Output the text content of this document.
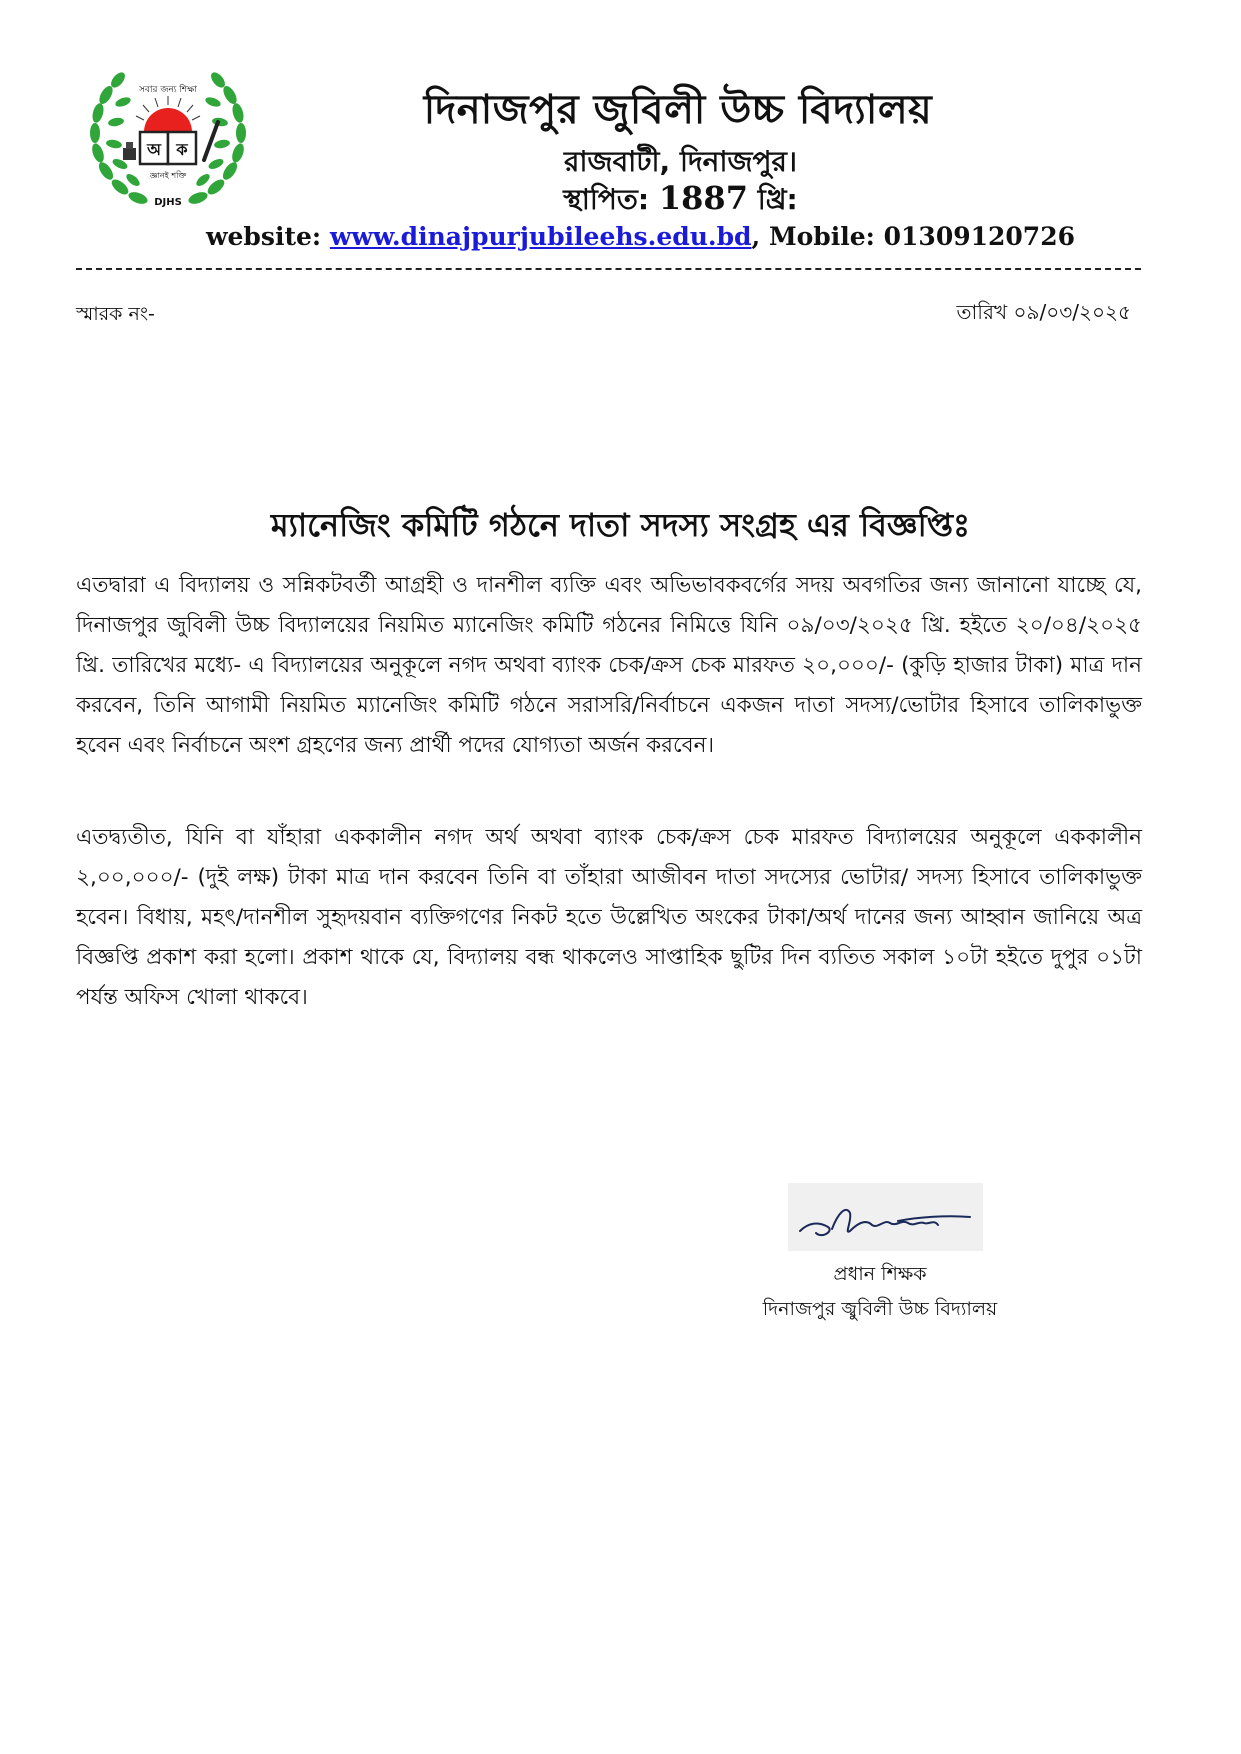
সবার জন্য শিক্ষা
অ ক
জ্ঞানই শক্তি
DJHS
দিনাজপুর জুবিলী উচ্চ বিদ্যালয়
রাজবাটী, দিনাজপুর।
স্থাপিত: 1887 খ্রি:
website: www.dinajpurjubileehs.edu.bd, Mobile: 01309120726
স্মারক নং-	তারিখ ০৯/০৩/২০২৫
ম্যানেজিং কমিটি গঠনে দাতা সদস্য সংগ্রহ এর বিজ্ঞপ্তিঃ

এতদ্বারা এ বিদ্যালয় ও সন্নিকটবর্তী আগ্রহী ও দানশীল ব্যক্তি এবং অভিভাবকবর্গের সদয় অবগতির জন্য জানানো যাচ্ছে যে, দিনাজপুর জুবিলী উচ্চ বিদ্যালয়ের নিয়মিত ম্যানেজিং কমিটি গঠনের নিমিত্তে যিনি ০৯/০৩/২০২৫ খ্রি. হইতে ২০/০৪/২০২৫ খ্রি. তারিখের মধ্যে- এ বিদ্যালয়ের অনুকূলে নগদ অথবা ব্যাংক চেক/ক্রস চেক মারফত ২০,০০০/- (কুড়ি হাজার টাকা) মাত্র দান করবেন, তিনি আগামী নিয়মিত ম্যানেজিং কমিটি গঠনে সরাসরি/নির্বাচনে একজন দাতা সদস্য/ভোটার হিসাবে তালিকাভুক্ত হবেন এবং নির্বাচনে অংশ গ্রহণের জন্য প্রার্থী পদের যোগ্যতা অর্জন করবেন।

এতদ্ব্যতীত, যিনি বা যাঁহারা এককালীন নগদ অর্থ অথবা ব্যাংক চেক/ক্রস চেক মারফত বিদ্যালয়ের অনুকূলে এককালীন ২,০০,০০০/- (দুই লক্ষ) টাকা মাত্র দান করবেন তিনি বা তাঁহারা আজীবন দাতা সদস্যের ভোটার/ সদস্য হিসাবে তালিকাভুক্ত হবেন। বিধায়, মহৎ/দানশীল সুহৃদয়বান ব্যক্তিগণের নিকট হতে উল্লেখিত অংকের টাকা/অর্থ দানের জন্য আহ্বান জানিয়ে অত্র বিজ্ঞপ্তি প্রকাশ করা হলো। প্রকাশ থাকে যে, বিদ্যালয় বন্ধ থাকলেও সাপ্তাহিক ছুটির দিন ব্যতিত সকাল ১০টা হইতে দুপুর ০১টা পর্যন্ত অফিস খোলা থাকবে।

প্রধান শিক্ষক
দিনাজপুর জ্বুবিলী উচ্চ বিদ্যালয়
